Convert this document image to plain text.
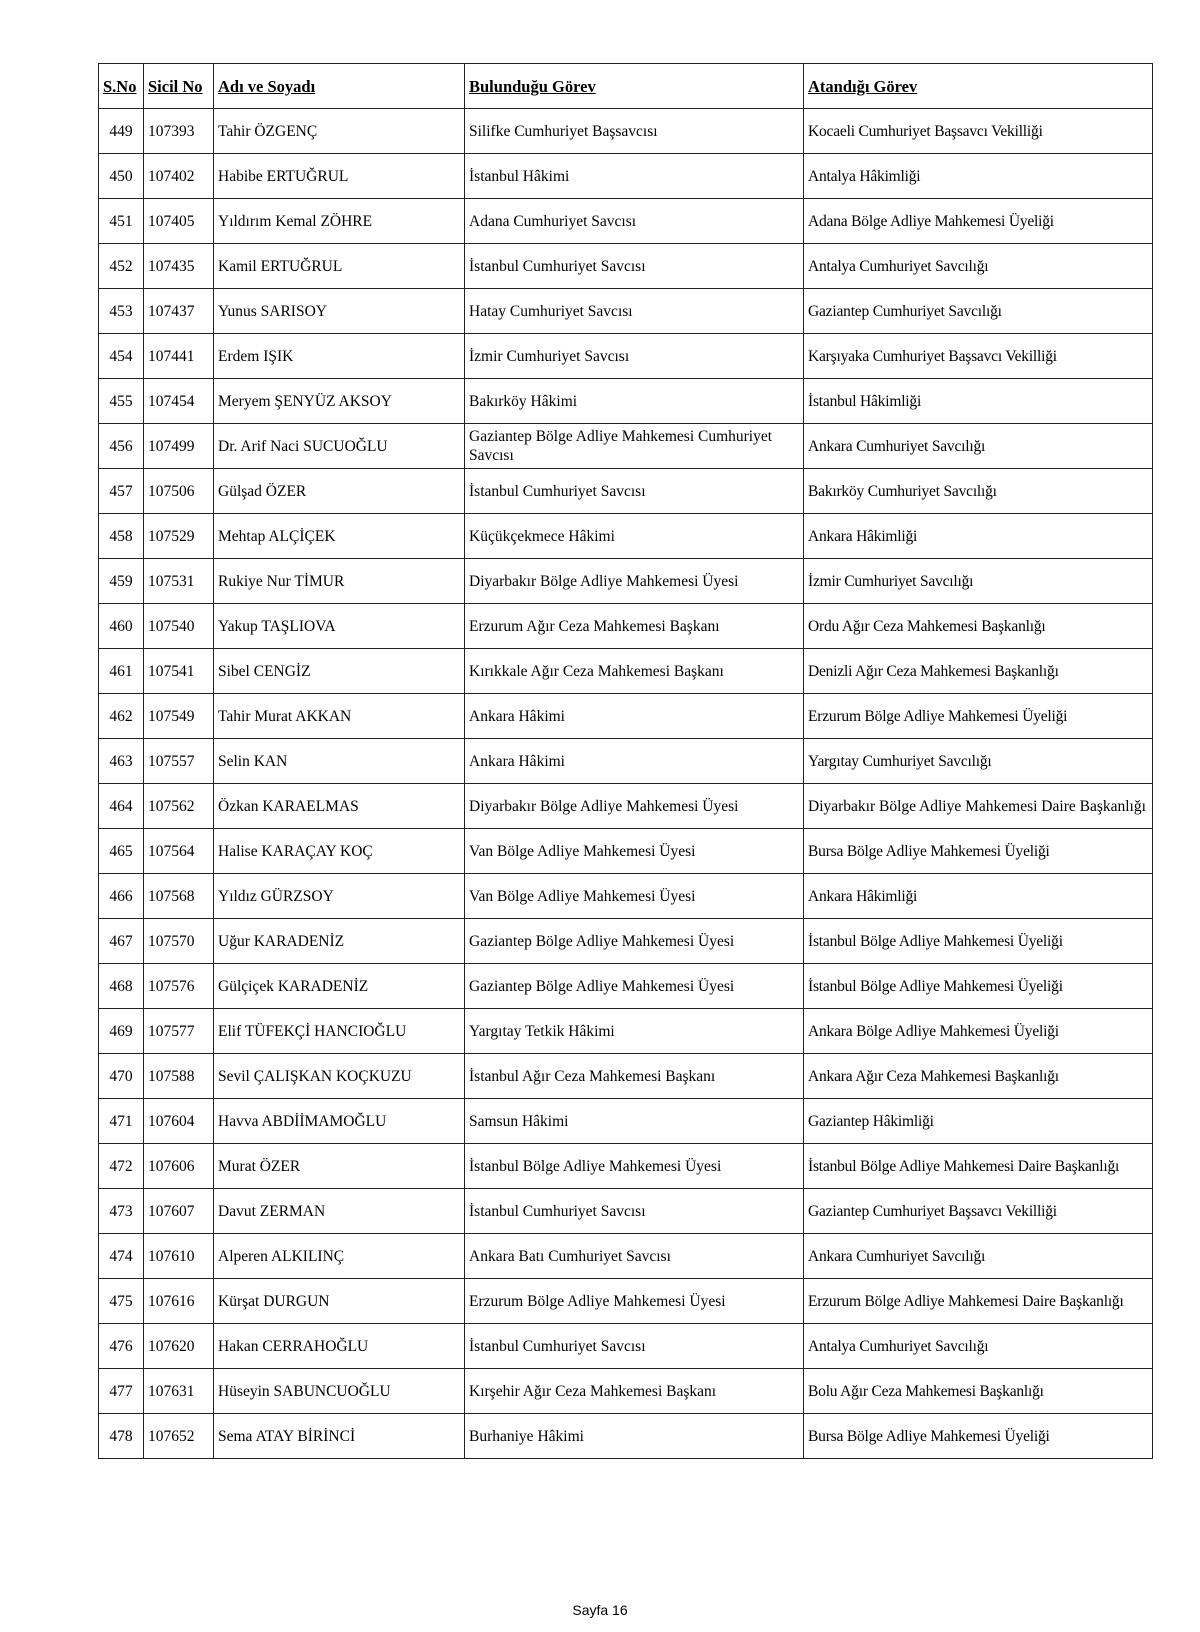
S.No	Sicil No	Adı ve Soyadı	Bulunduğu Görev	Atandığı Görev
449	107393	Tahir ÖZGENÇ	Silifke Cumhuriyet Başsavcısı	Kocaeli Cumhuriyet Başsavcı Vekilliği
450	107402	Habibe ERTUĞRUL	İstanbul Hâkimi	Antalya Hâkimliği
451	107405	Yıldırım Kemal ZÖHRE	Adana Cumhuriyet Savcısı	Adana Bölge Adliye Mahkemesi Üyeliği
452	107435	Kamil ERTUĞRUL	İstanbul Cumhuriyet Savcısı	Antalya Cumhuriyet Savcılığı
453	107437	Yunus SARISOY	Hatay Cumhuriyet Savcısı	Gaziantep Cumhuriyet Savcılığı
454	107441	Erdem IŞIK	İzmir Cumhuriyet Savcısı	Karşıyaka Cumhuriyet Başsavcı Vekilliği
455	107454	Meryem ŞENYÜZ AKSOY	Bakırköy Hâkimi	İstanbul Hâkimliği
456	107499	Dr. Arif Naci SUCUOĞLU	Gaziantep Bölge Adliye Mahkemesi Cumhuriyet Savcısı	Ankara Cumhuriyet Savcılığı
457	107506	Gülşad ÖZER	İstanbul Cumhuriyet Savcısı	Bakırköy Cumhuriyet Savcılığı
458	107529	Mehtap ALÇİÇEK	Küçükçekmece Hâkimi	Ankara Hâkimliği
459	107531	Rukiye Nur TİMUR	Diyarbakır Bölge Adliye Mahkemesi Üyesi	İzmir Cumhuriyet Savcılığı
460	107540	Yakup TAŞLIOVA	Erzurum Ağır Ceza Mahkemesi Başkanı	Ordu Ağır Ceza Mahkemesi Başkanlığı
461	107541	Sibel CENGİZ	Kırıkkale Ağır Ceza Mahkemesi Başkanı	Denizli Ağır Ceza Mahkemesi Başkanlığı
462	107549	Tahir Murat AKKAN	Ankara Hâkimi	Erzurum Bölge Adliye Mahkemesi Üyeliği
463	107557	Selin KAN	Ankara Hâkimi	Yargıtay Cumhuriyet Savcılığı
464	107562	Özkan KARAELMAS	Diyarbakır Bölge Adliye Mahkemesi Üyesi	Diyarbakır Bölge Adliye Mahkemesi Daire Başkanlığı
465	107564	Halise KARAÇAY KOÇ	Van Bölge Adliye Mahkemesi Üyesi	Bursa Bölge Adliye Mahkemesi Üyeliği
466	107568	Yıldız GÜRZSOY	Van Bölge Adliye Mahkemesi Üyesi	Ankara Hâkimliği
467	107570	Uğur KARADENİZ	Gaziantep Bölge Adliye Mahkemesi Üyesi	İstanbul Bölge Adliye Mahkemesi Üyeliği
468	107576	Gülçiçek KARADENİZ	Gaziantep Bölge Adliye Mahkemesi Üyesi	İstanbul Bölge Adliye Mahkemesi Üyeliği
469	107577	Elif TÜFEKÇİ HANCIOĞLU	Yargıtay Tetkik Hâkimi	Ankara Bölge Adliye Mahkemesi Üyeliği
470	107588	Sevil ÇALIŞKAN KOÇKUZU	İstanbul Ağır Ceza Mahkemesi Başkanı	Ankara Ağır Ceza Mahkemesi Başkanlığı
471	107604	Havva ABDİİMAMOĞLU	Samsun Hâkimi	Gaziantep Hâkimliği
472	107606	Murat ÖZER	İstanbul Bölge Adliye Mahkemesi Üyesi	İstanbul Bölge Adliye Mahkemesi Daire Başkanlığı
473	107607	Davut ZERMAN	İstanbul Cumhuriyet Savcısı	Gaziantep Cumhuriyet Başsavcı Vekilliği
474	107610	Alperen ALKILINÇ	Ankara Batı Cumhuriyet Savcısı	Ankara Cumhuriyet Savcılığı
475	107616	Kürşat DURGUN	Erzurum Bölge Adliye Mahkemesi Üyesi	Erzurum Bölge Adliye Mahkemesi Daire Başkanlığı
476	107620	Hakan CERRAHOĞLU	İstanbul Cumhuriyet Savcısı	Antalya Cumhuriyet Savcılığı
477	107631	Hüseyin SABUNCUOĞLU	Kırşehir Ağır Ceza Mahkemesi Başkanı	Bolu Ağır Ceza Mahkemesi Başkanlığı
478	107652	Sema ATAY BİRİNCİ	Burhaniye Hâkimi	Bursa Bölge Adliye Mahkemesi Üyeliği
Sayfa 16
